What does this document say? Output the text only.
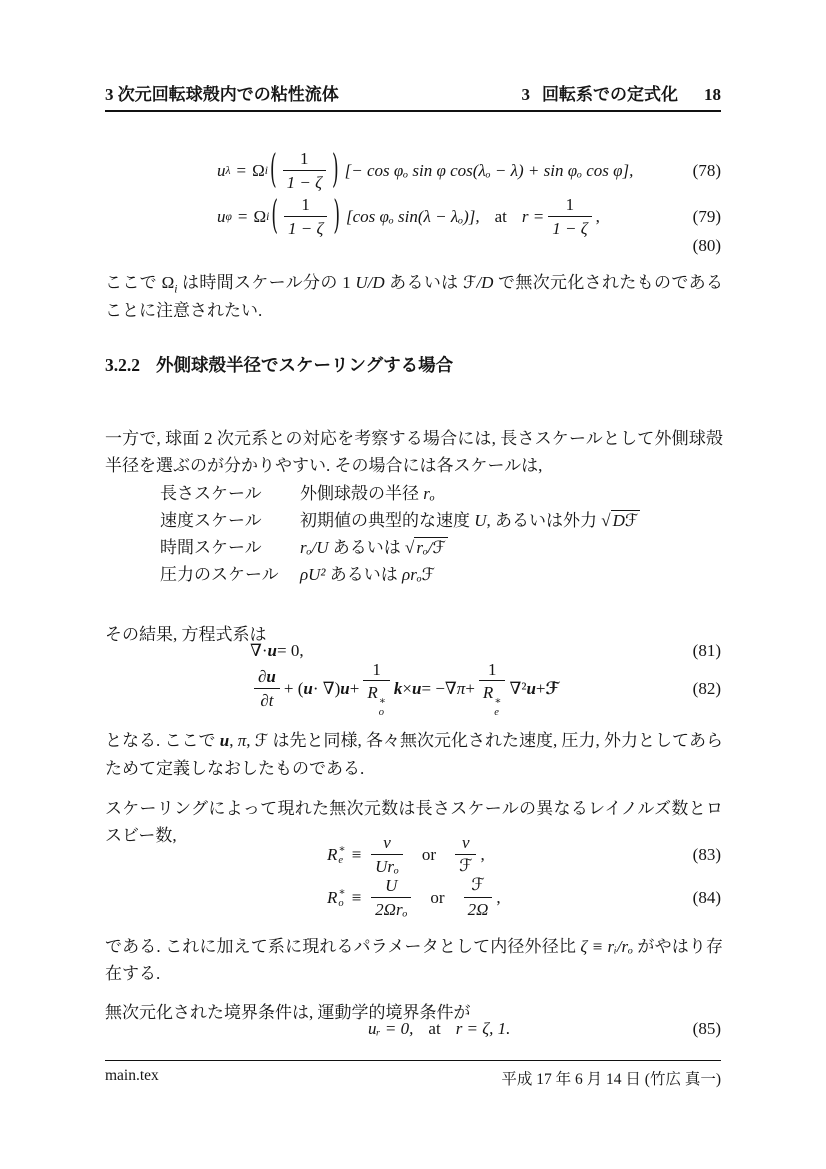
3 次元回転球殻内での粘性流体	3 回転系での定式化 18
u λ = Ω i ( $\frac{1}{1 - \zeta}$ ) [− cos φₒ sin φ cos(λₒ − λ) + sin φₒ cos φ],	(78)
u φ = Ω i ( $\frac{1}{1 - \zeta}$ ) [cos φₒ sin(λ − λₒ)], at $r = \frac{1}{1 - \zeta}$ ,	(79)
(80)

ここで $\Omega_i$ は時間スケール分の 1 U/D あるいは ℱ/D で無次元化されたものであることに注意されたい.

3.2.2 外側球殻半径でスケーリングする場合

一方で, 球面 2 次元系との対応を考察する場合には, 長さスケールとして外側球殻半径を選ぶのが分かりやすい. その場合には各スケールは,

長さスケール	外側球殻の半径 rₒ
速度スケール	初期値の典型的な速度 U, あるいは外力 √ Dℱ
時間スケール	rₒ/U あるいは √ rₒ/ℱ
圧力のスケール	ρU² あるいは ρrₒℱ

その結果, 方程式系は

∇· u = 0,	(81)
$\frac{\partial u}{\partial t}$ + ( u · ∇) u + 1
R ∗
o k × u = −∇ π + 1
R ∗
e ∇² u + ℱ	(82)

となる. ここで u, π, ℱ は先と同様, 各々無次元化された速度, 圧力, 外力としてあらためて定義しなおしたものである.

スケーリングによって現れた無次元数は長さスケールの異なるレイノルズ数とロスビー数,

R ∗
$e \equiv \frac{\nu}{\text{Urₒ}}$ or $\frac{\nu}{\text{ℱ}}$ ,	(83)
R ∗
$o \equiv \frac{U}{\text{2Ωrₒ}}$ or $\frac{\text{ℱ}}{2\Omega}$ ,	(84)

である. これに加えて系に現れるパラメータとして内径外径比 ζ ≡ rᵢ/rₒ がやはり存在する.

無次元化された境界条件は, 運動学的境界条件が

uᵣ = 0, at r = ζ, 1.	(85)
main.tex	平成 17 年 6 月 14 日 (竹広 真一)
